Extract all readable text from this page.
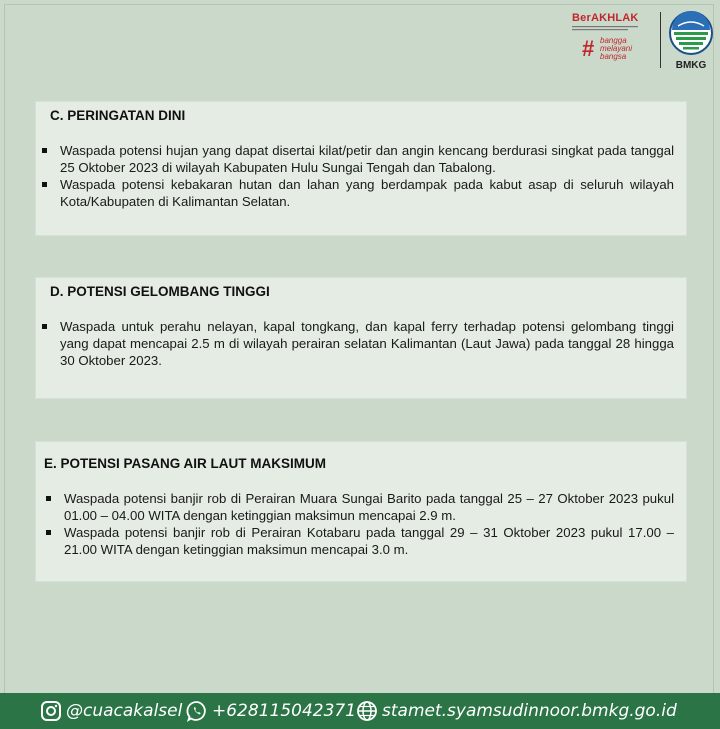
BerAKHLAK
# bangga
melayani
bangsa
BMKG
C. PERINGATAN DINI
Waspada potensi hujan yang dapat disertai kilat/petir dan angin kencang berdurasi singkat pada tanggal 25 Oktober 2023 di wilayah Kabupaten Hulu Sungai Tengah dan Tabalong.
Waspada potensi kebakaran hutan dan lahan yang berdampak pada kabut asap di seluruh wilayah Kota/Kabupaten di Kalimantan Selatan.
D. POTENSI GELOMBANG TINGGI
Waspada untuk perahu nelayan, kapal tongkang, dan kapal ferry terhadap potensi gelombang tinggi yang dapat mencapai 2.5 m di wilayah perairan selatan Kalimantan (Laut Jawa) pada tanggal 28 hingga 30 Oktober 2023.
E. POTENSI PASANG AIR LAUT MAKSIMUM
Waspada potensi banjir rob di Perairan Muara Sungai Barito pada tanggal 25 – 27 Oktober 2023 pukul 01.00 – 04.00 WITA dengan ketinggian maksimun mencapai 2.9 m.
Waspada potensi banjir rob di Perairan Kotabaru pada tanggal 29 – 31 Oktober 2023 pukul 17.00 – 21.00 WITA dengan ketinggian maksimun mencapai 3.0 m.
@cuacakalsel +628115042371 stamet.syamsudinnoor.bmkg.go.id
